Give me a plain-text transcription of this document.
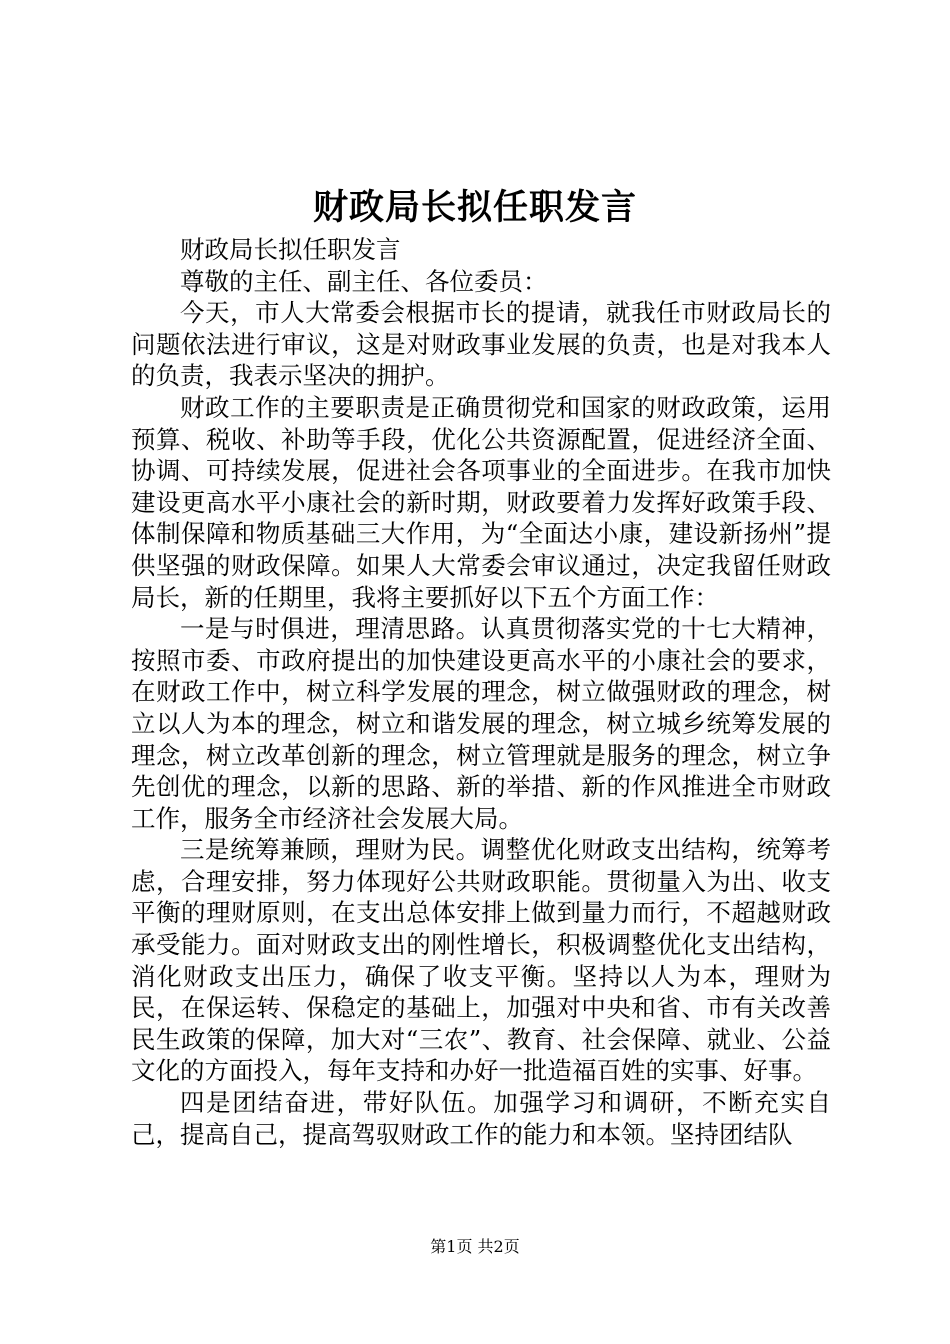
财政局长拟任职发言

财政局长拟任职发言

尊敬的主任、副主任、各位委员：

今天，市人大常委会根据市长的提请，就我任市财政局长的问题依法进行审议，这是对财政事业发展的负责，也是对我本人的负责，我表示坚决的拥护。

财政工作的主要职责是正确贯彻党和国家的财政政策，运用预算、税收、补助等手段，优化公共资源配置，促进经济全面、协调、可持续发展，促进社会各项事业的全面进步。在我市加快建设更高水平小康社会的新时期，财政要着力发挥好政策手段、体制保障和物质基础三大作用，为“全面达小康，建设新扬州”提供坚强的财政保障。如果人大常委会审议通过，决定我留任财政局长，新的任期里，我将主要抓好以下五个方面工作：

一是与时俱进，理清思路。认真贯彻落实党的十七大精神，按照市委、市政府提出的加快建设更高水平的小康社会的要求，在财政工作中，树立科学发展的理念，树立做强财政的理念，树立以人为本的理念，树立和谐发展的理念，树立城乡统筹发展的理念，树立改革创新的理念，树立管理就是服务的理念，树立争先创优的理念，以新的思路、新的举措、新的作风推进全市财政工作，服务全市经济社会发展大局。

三是统筹兼顾，理财为民。调整优化财政支出结构，统筹考虑，合理安排，努力体现好公共财政职能。贯彻量入为出、收支平衡的理财原则，在支出总体安排上做到量力而行，不超越财政承受能力。面对财政支出的刚性增长，积极调整优化支出结构，消化财政支出压力，确保了收支平衡。坚持以人为本，理财为民，在保运转、保稳定的基础上，加强对中央和省、市有关改善民生政策的保障，加大对“三农”、教育、社会保障、就业、公益文化的方面投入，每年支持和办好一批造福百姓的实事、好事。

四是团结奋进，带好队伍。加强学习和调研，不断充实自己，提高自己，提高驾驭财政工作的能力和本领。坚持团结队

第1页 共2页
